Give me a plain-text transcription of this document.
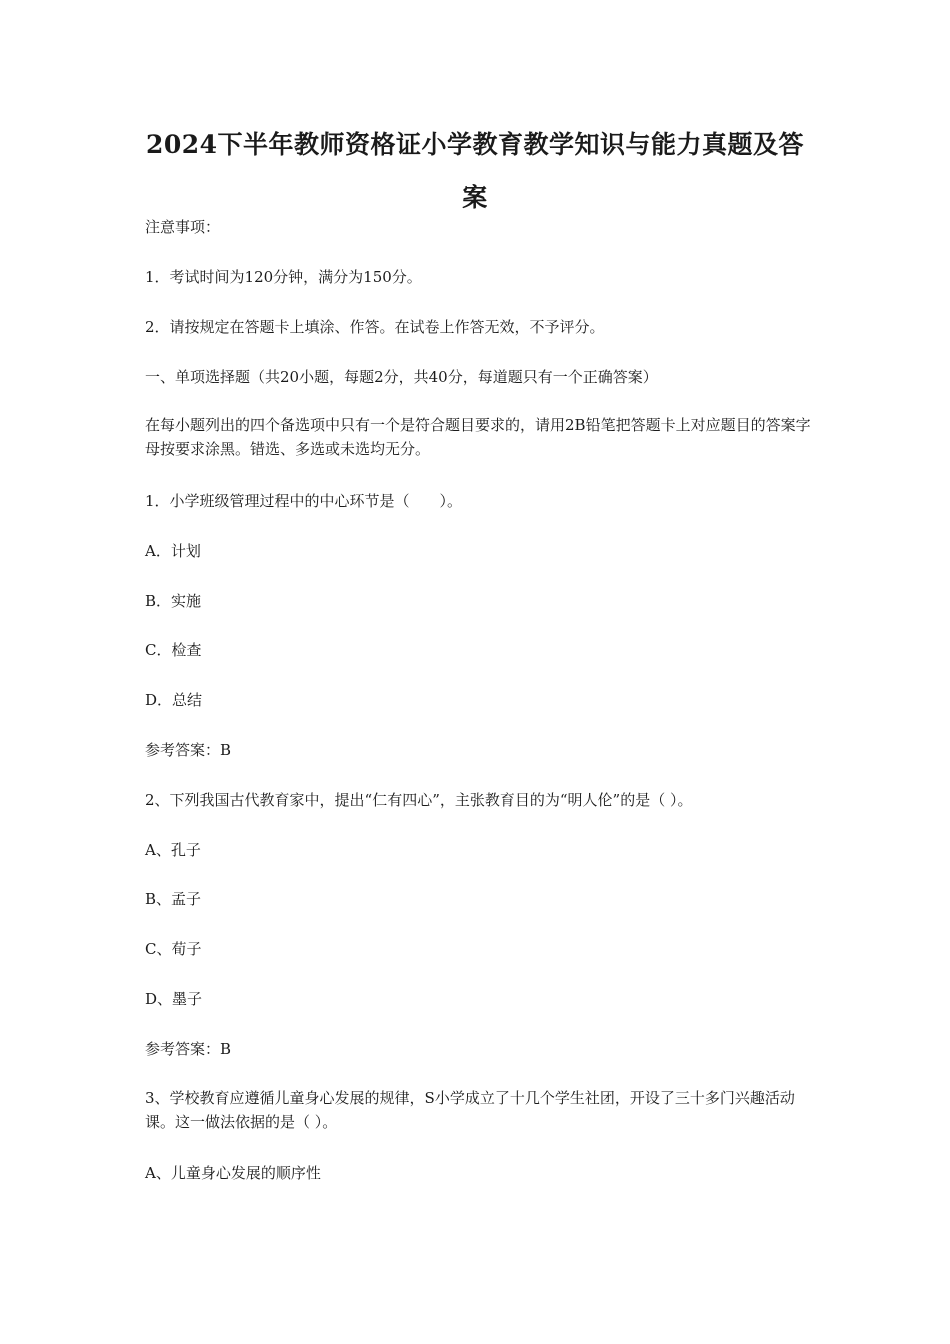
2024下半年教师资格证小学教育教学知识与能力真题及答
案
注意事项：
1．考试时间为120分钟，满分为150分。
2．请按规定在答题卡上填涂、作答。在试卷上作答无效，不予评分。
一、单项选择题（共20小题，每题2分，共40分，每道题只有一个正确答案）
在每小题列出的四个备选项中只有一个是符合题目要求的，请用2B铅笔把答题卡上对应题目的答案字母按要求涂黑。错选、多选或未选均无分。
1．小学班级管理过程中的中心环节是（　　）。
A．计划
B．实施
C．检查
D．总结
参考答案：B
2、下列我国古代教育家中，提出“仁有四心”，主张教育目的为“明人伦”的是（ ）。
A、孔子
B、孟子
C、荀子
D、墨子
参考答案：B
3、学校教育应遵循儿童身心发展的规律，S小学成立了十几个学生社团，开设了三十多门兴趣活动课。这一做法依据的是（ ）。
A、儿童身心发展的顺序性
